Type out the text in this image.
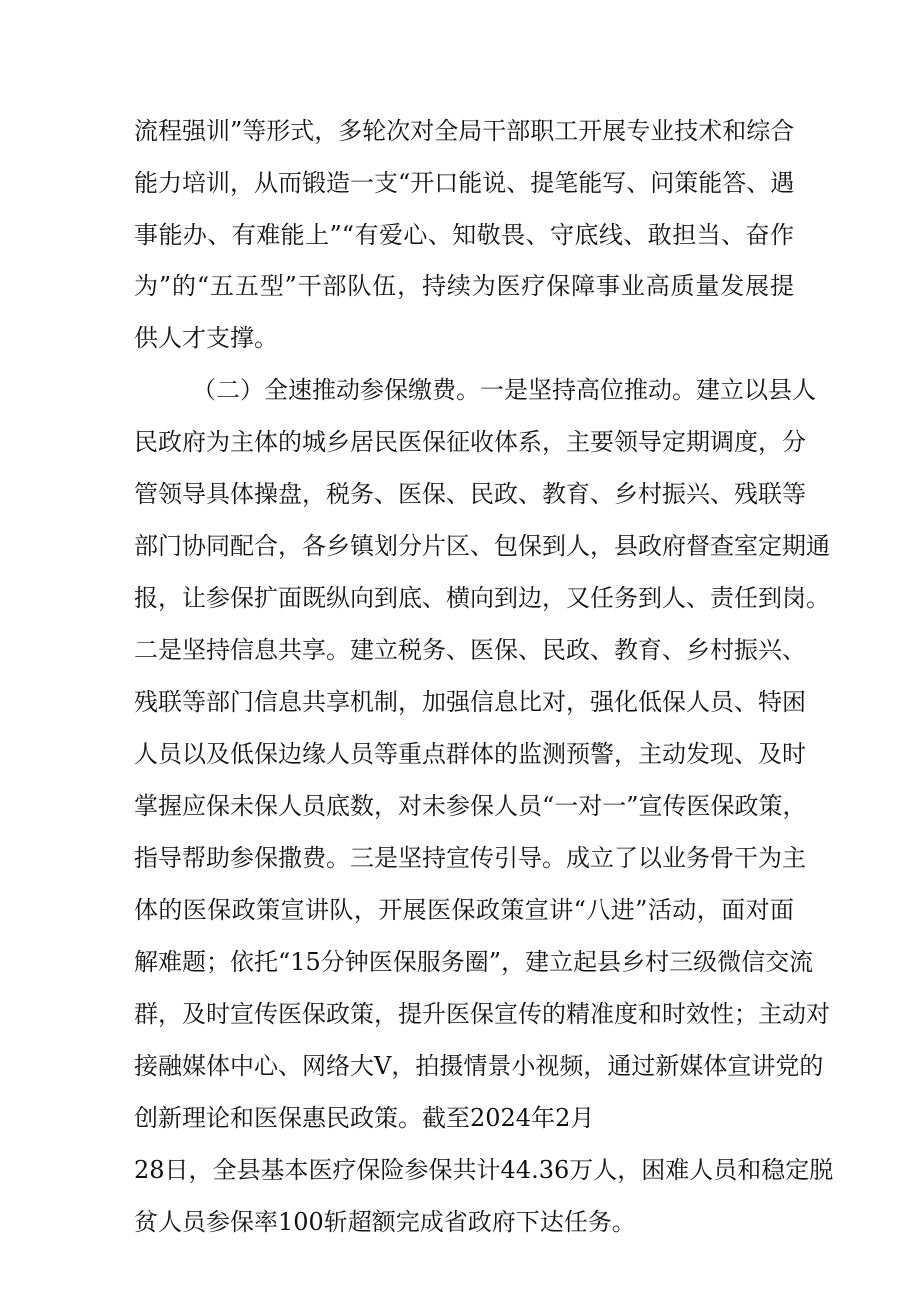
流程强训”等形式，多轮次对全局干部职工开展专业技术和综合
能力培训，从而锻造一支“开口能说、提笔能写、问策能答、遇
事能办、有难能上”“有爱心、知敬畏、守底线、敢担当、奋作
为”的“五五型”干部队伍，持续为医疗保障事业高质量发展提
供人才支撑。
（二）全速推动参保缴费。一是坚持高位推动。建立以县人
民政府为主体的城乡居民医保征收体系，主要领导定期调度，分
管领导具体操盘，税务、医保、民政、教育、乡村振兴、残联等
部门协同配合，各乡镇划分片区、包保到人，县政府督查室定期通
报，让参保扩面既纵向到底、横向到边，又任务到人、责任到岗。
二是坚持信息共享。建立税务、医保、民政、教育、乡村振兴、
残联等部门信息共享机制，加强信息比对，强化低保人员、特困
人员以及低保边缘人员等重点群体的监测预警，主动发现、及时
掌握应保未保人员底数，对未参保人员“一对一”宣传医保政策，
指导帮助参保撒费。三是坚持宣传引导。成立了以业务骨干为主
体的医保政策宣讲队，开展医保政策宣讲“八进”活动，面对面
解难题；依托“15分钟医保服务圈”，建立起县乡村三级微信交流
群，及时宣传医保政策，提升医保宣传的精准度和时效性；主动对
接融媒体中心、网络大V，拍摄情景小视频，通过新媒体宣讲党的
创新理论和医保惠民政策。截至2024年2月
28日，全县基本医疗保险参保共计44.36万人，困难人员和稳定脱
贫人员参保率100斩超额完成省政府下达任务。
